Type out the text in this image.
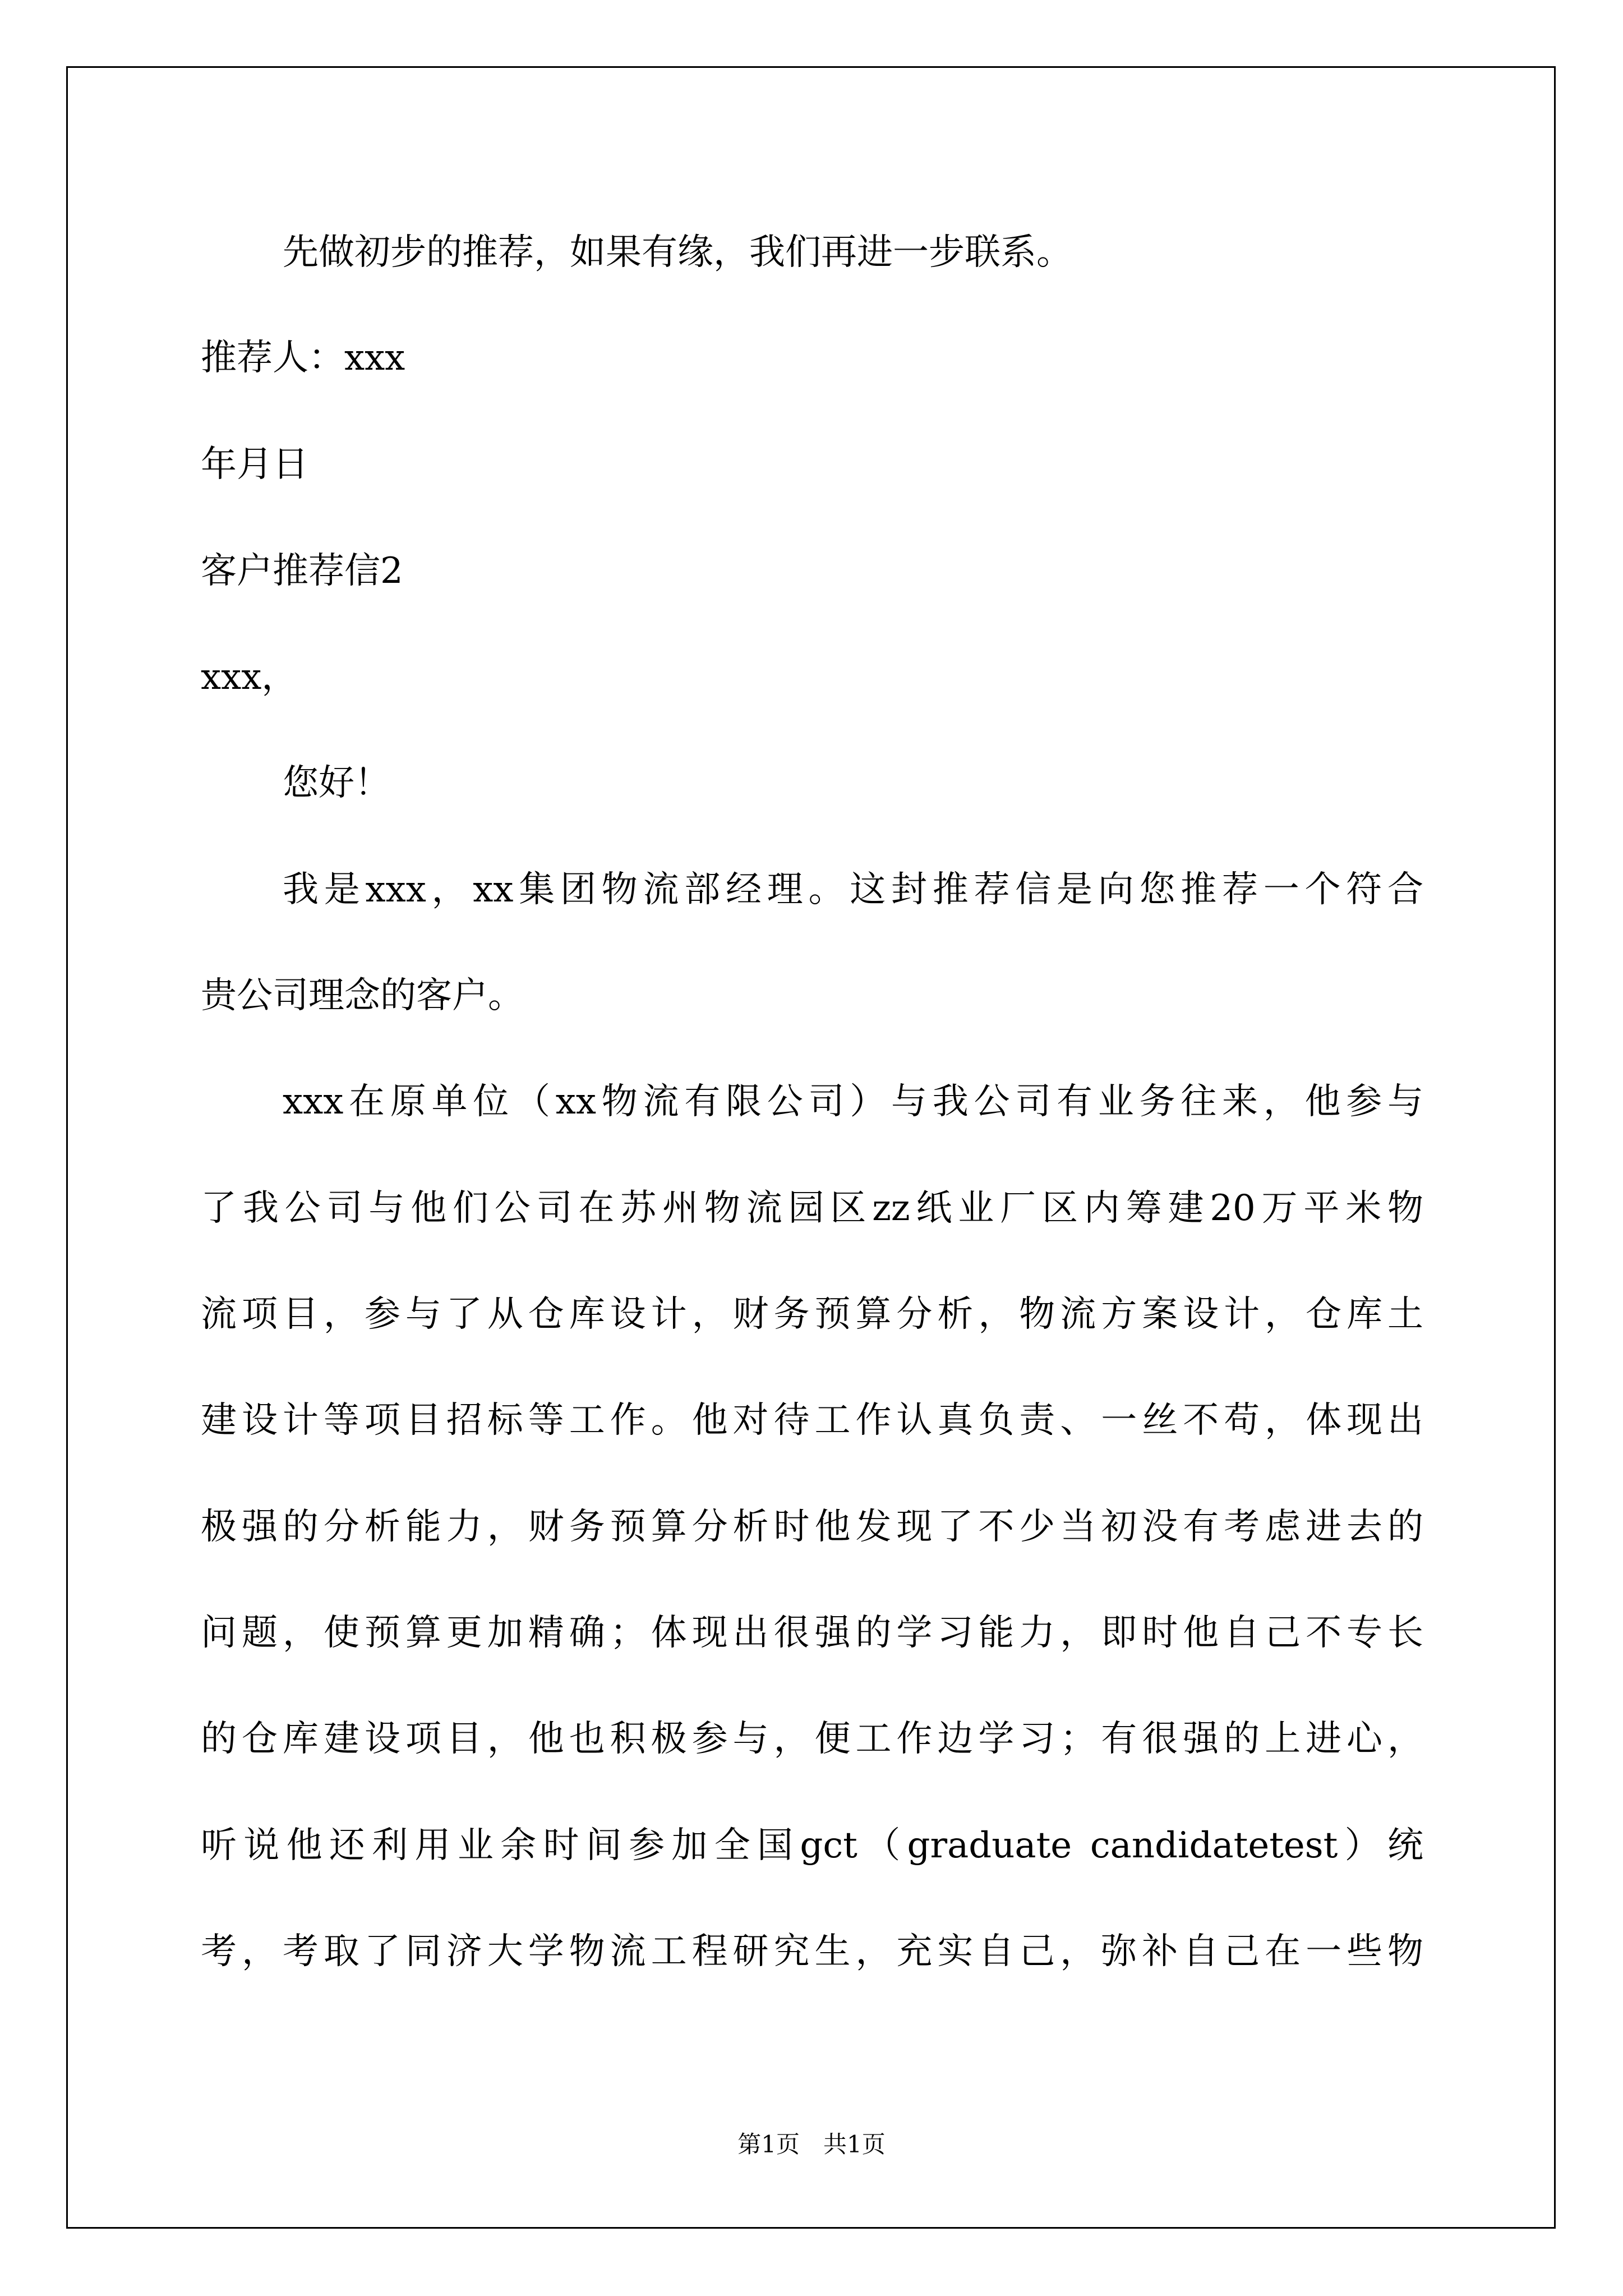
先做初步的推荐，如果有缘，我们再进一步联系。
推荐人：xxx
年月日
客户推荐信2
xxx，
您好！
我是xxx，xx集团物流部经理。这封推荐信是向您推荐一个符合
贵公司理念的客户。
xxx在原单位（xx物流有限公司）与我公司有业务往来，他参与
了我公司与他们公司在苏州物流园区zz纸业厂区内筹建20万平米物
流项目，参与了从仓库设计，财务预算分析，物流方案设计，仓库土
建设计等项目招标等工作。他对待工作认真负责、一丝不苟，体现出
极强的分析能力，财务预算分析时他发现了不少当初没有考虑进去的
问题，使预算更加精确；体现出很强的学习能力，即时他自己不专长
的仓库建设项目，他也积极参与，便工作边学习；有很强的上进心，
听说他还利用业余时间参加全国gct（graduate candidatetest）统
考，考取了同济大学物流工程研究生，充实自己，弥补自己在一些物
第1页　共1页
